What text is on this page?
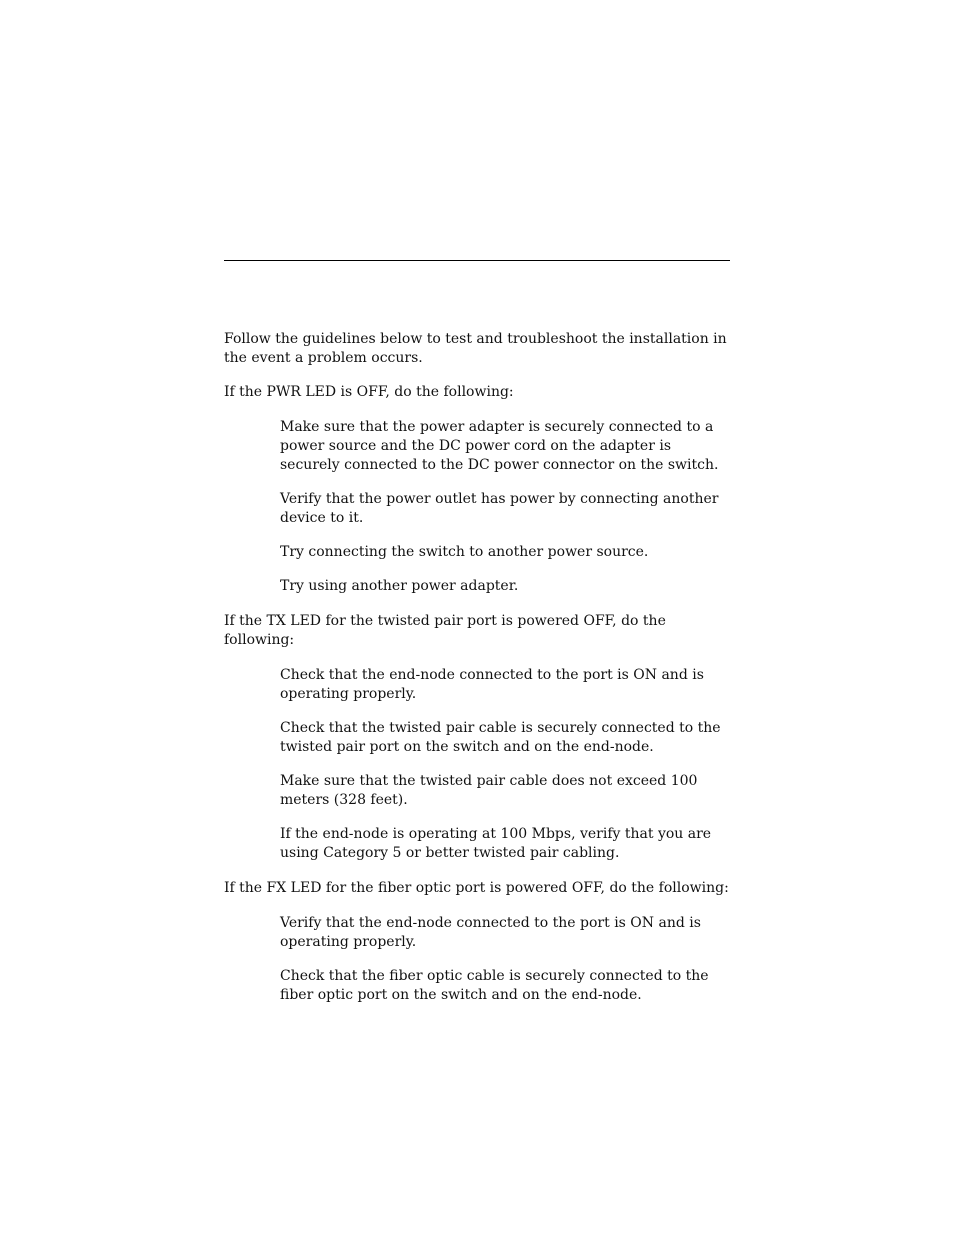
Follow the guidelines below to test and troubleshoot the installation in the event a problem occurs.

If the PWR LED is OFF, do the following:

Make sure that the power adapter is securely connected to a power source and the DC power cord on the adapter is securely connected to the DC power connector on the switch.
Verify that the power outlet has power by connecting another device to it.
Try connecting the switch to another power source.
Try using another power adapter.

If the TX LED for the twisted pair port is powered OFF, do the following:

Check that the end-node connected to the port is ON and is operating properly.
Check that the twisted pair cable is securely connected to the twisted pair port on the switch and on the end-node.
Make sure that the twisted pair cable does not exceed 100 meters (328 feet).
If the end-node is operating at 100 Mbps, verify that you are using Category 5 or better twisted pair cabling.

If the FX LED for the fiber optic port is powered OFF, do the following:

Verify that the end-node connected to the port is ON and is operating properly.
Check that the fiber optic cable is securely connected to the fiber optic port on the switch and on the end-node.
